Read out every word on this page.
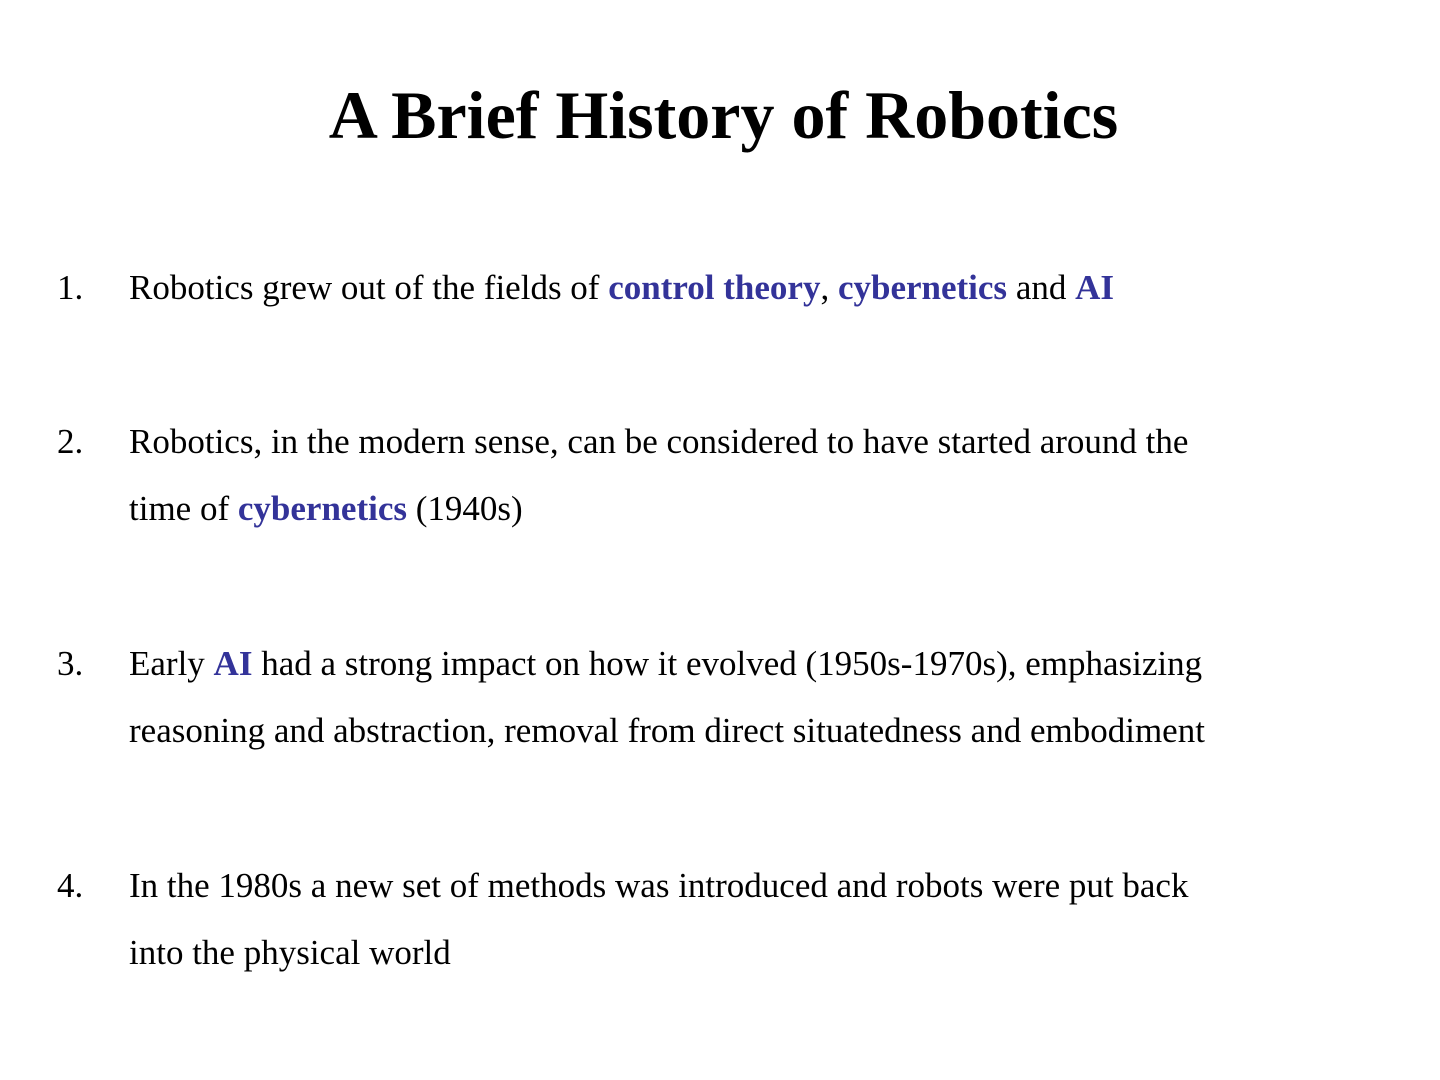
A Brief History of Robotics
1. Robotics grew out of the fields of control theory, cybernetics and AI
2. Robotics, in the modern sense, can be considered to have started around the
time of cybernetics (1940s)
3. Early AI had a strong impact on how it evolved (1950s-1970s), emphasizing
reasoning and abstraction, removal from direct situatedness and embodiment
4. In the 1980s a new set of methods was introduced and robots were put back
into the physical world
